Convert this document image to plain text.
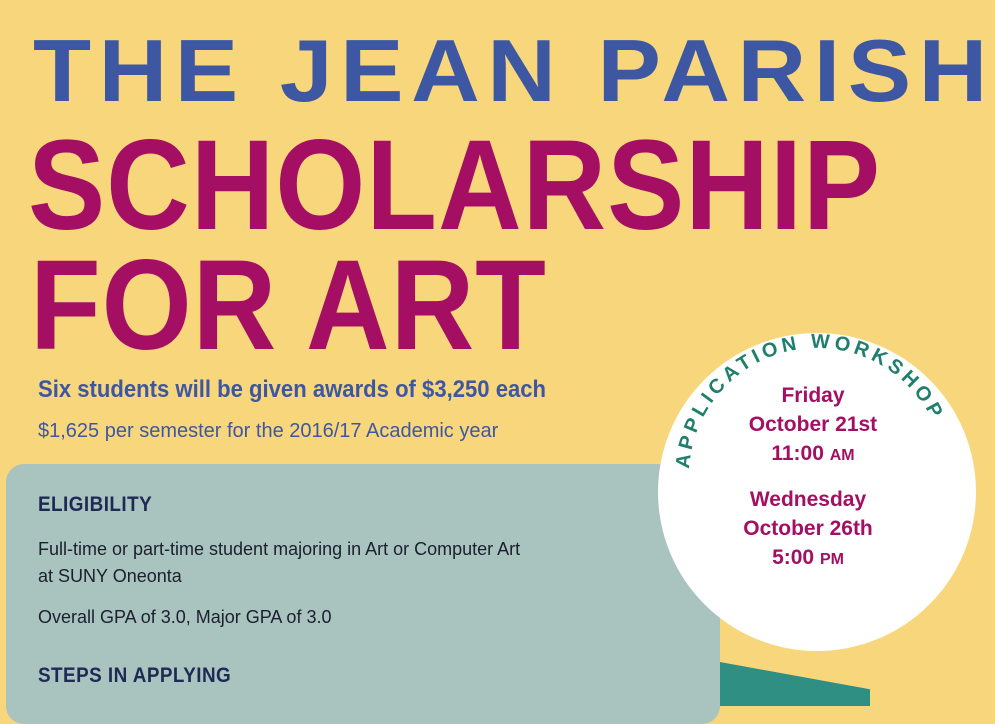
THE JEAN PARISH
SCHOLARSHIP
FOR ART
Six students will be given awards of $3,250 each
$1,625 per semester for the 2016/17 Academic year
ELIGIBILITY
Full-time or part-time student majoring in Art or Computer Art
at SUNY Oneonta
Overall GPA of 3.0, Major GPA of 3.0
STEPS IN APPLYING
APPLICATION WORKSHOP
Friday
October 21st
11:00 AM
Wednesday
October 26th
5:00 PM
